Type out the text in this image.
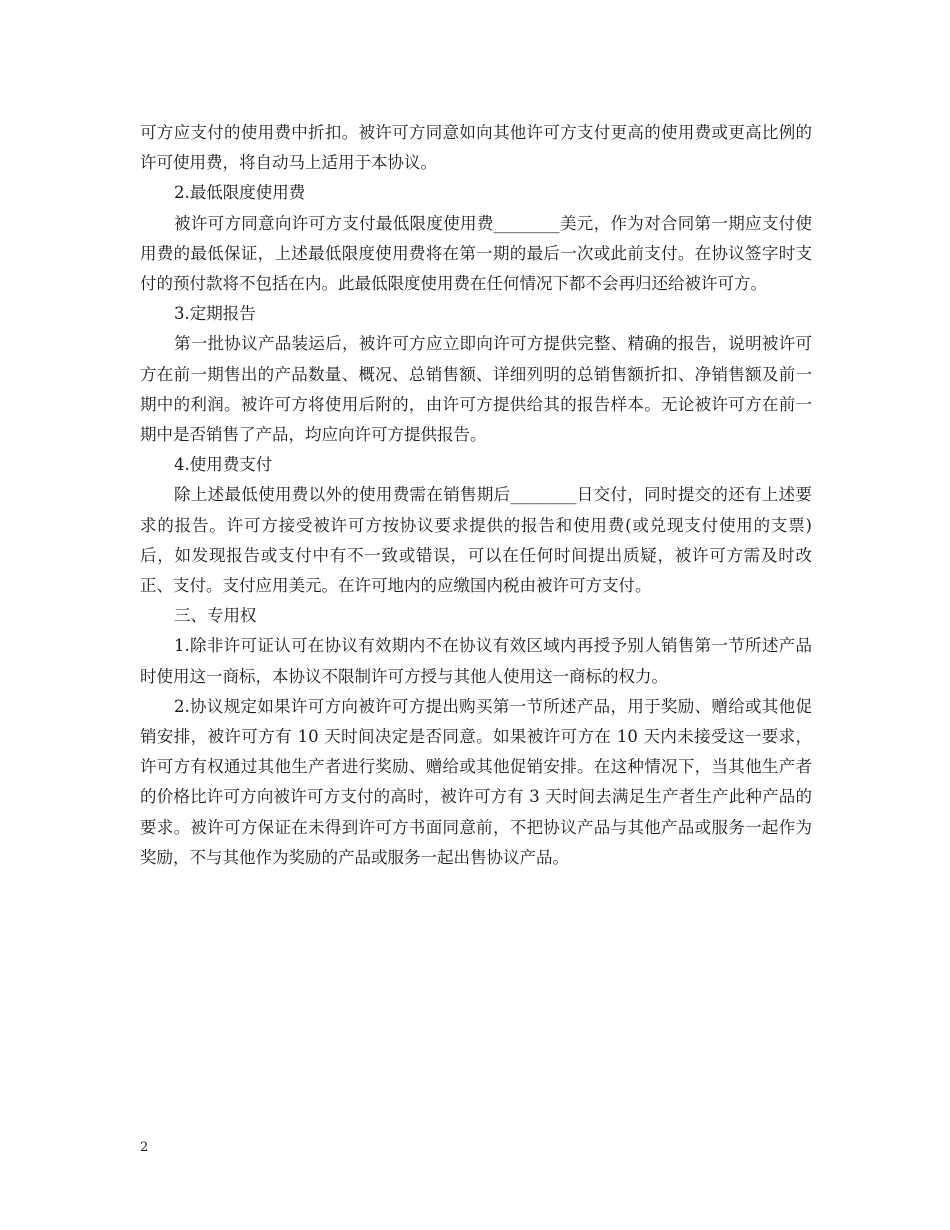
可方应支付的使用费中折扣。被许可方同意如向其他许可方支付更高的使用费或更高比例的许可使用费，将自动马上适用于本协议。

2.最低限度使用费

被许可方同意向许可方支付最低限度使用费________美元，作为对合同第一期应支付使用费的最低保证，上述最低限度使用费将在第一期的最后一次或此前支付。在协议签字时支付的预付款将不包括在内。此最低限度使用费在任何情况下都不会再归还给被许可方。

3.定期报告

第一批协议产品装运后，被许可方应立即向许可方提供完整、精确的报告，说明被许可方在前一期售出的产品数量、概况、总销售额、详细列明的总销售额折扣、净销售额及前一期中的利润。被许可方将使用后附的，由许可方提供给其的报告样本。无论被许可方在前一期中是否销售了产品，均应向许可方提供报告。

4.使用费支付

除上述最低使用费以外的使用费需在销售期后________日交付，同时提交的还有上述要求的报告。许可方接受被许可方按协议要求提供的报告和使用费(或兑现支付使用的支票)后，如发现报告或支付中有不一致或错误，可以在任何时间提出质疑，被许可方需及时改正、支付。支付应用美元。在许可地内的应缴国内税由被许可方支付。

三、专用权

1.除非许可证认可在协议有效期内不在协议有效区域内再授予别人销售第一节所述产品时使用这一商标，本协议不限制许可方授与其他人使用这一商标的权力。

2.协议规定如果许可方向被许可方提出购买第一节所述产品，用于奖励、赠给或其他促销安排，被许可方有 10 天时间决定是否同意。如果被许可方在 10 天内未接受这一要求，许可方有权通过其他生产者进行奖励、赠给或其他促销安排。在这种情况下，当其他生产者的价格比许可方向被许可方支付的高时，被许可方有 3 天时间去满足生产者生产此种产品的要求。被许可方保证在未得到许可方书面同意前，不把协议产品与其他产品或服务一起作为奖励，不与其他作为奖励的产品或服务一起出售协议产品。

2
